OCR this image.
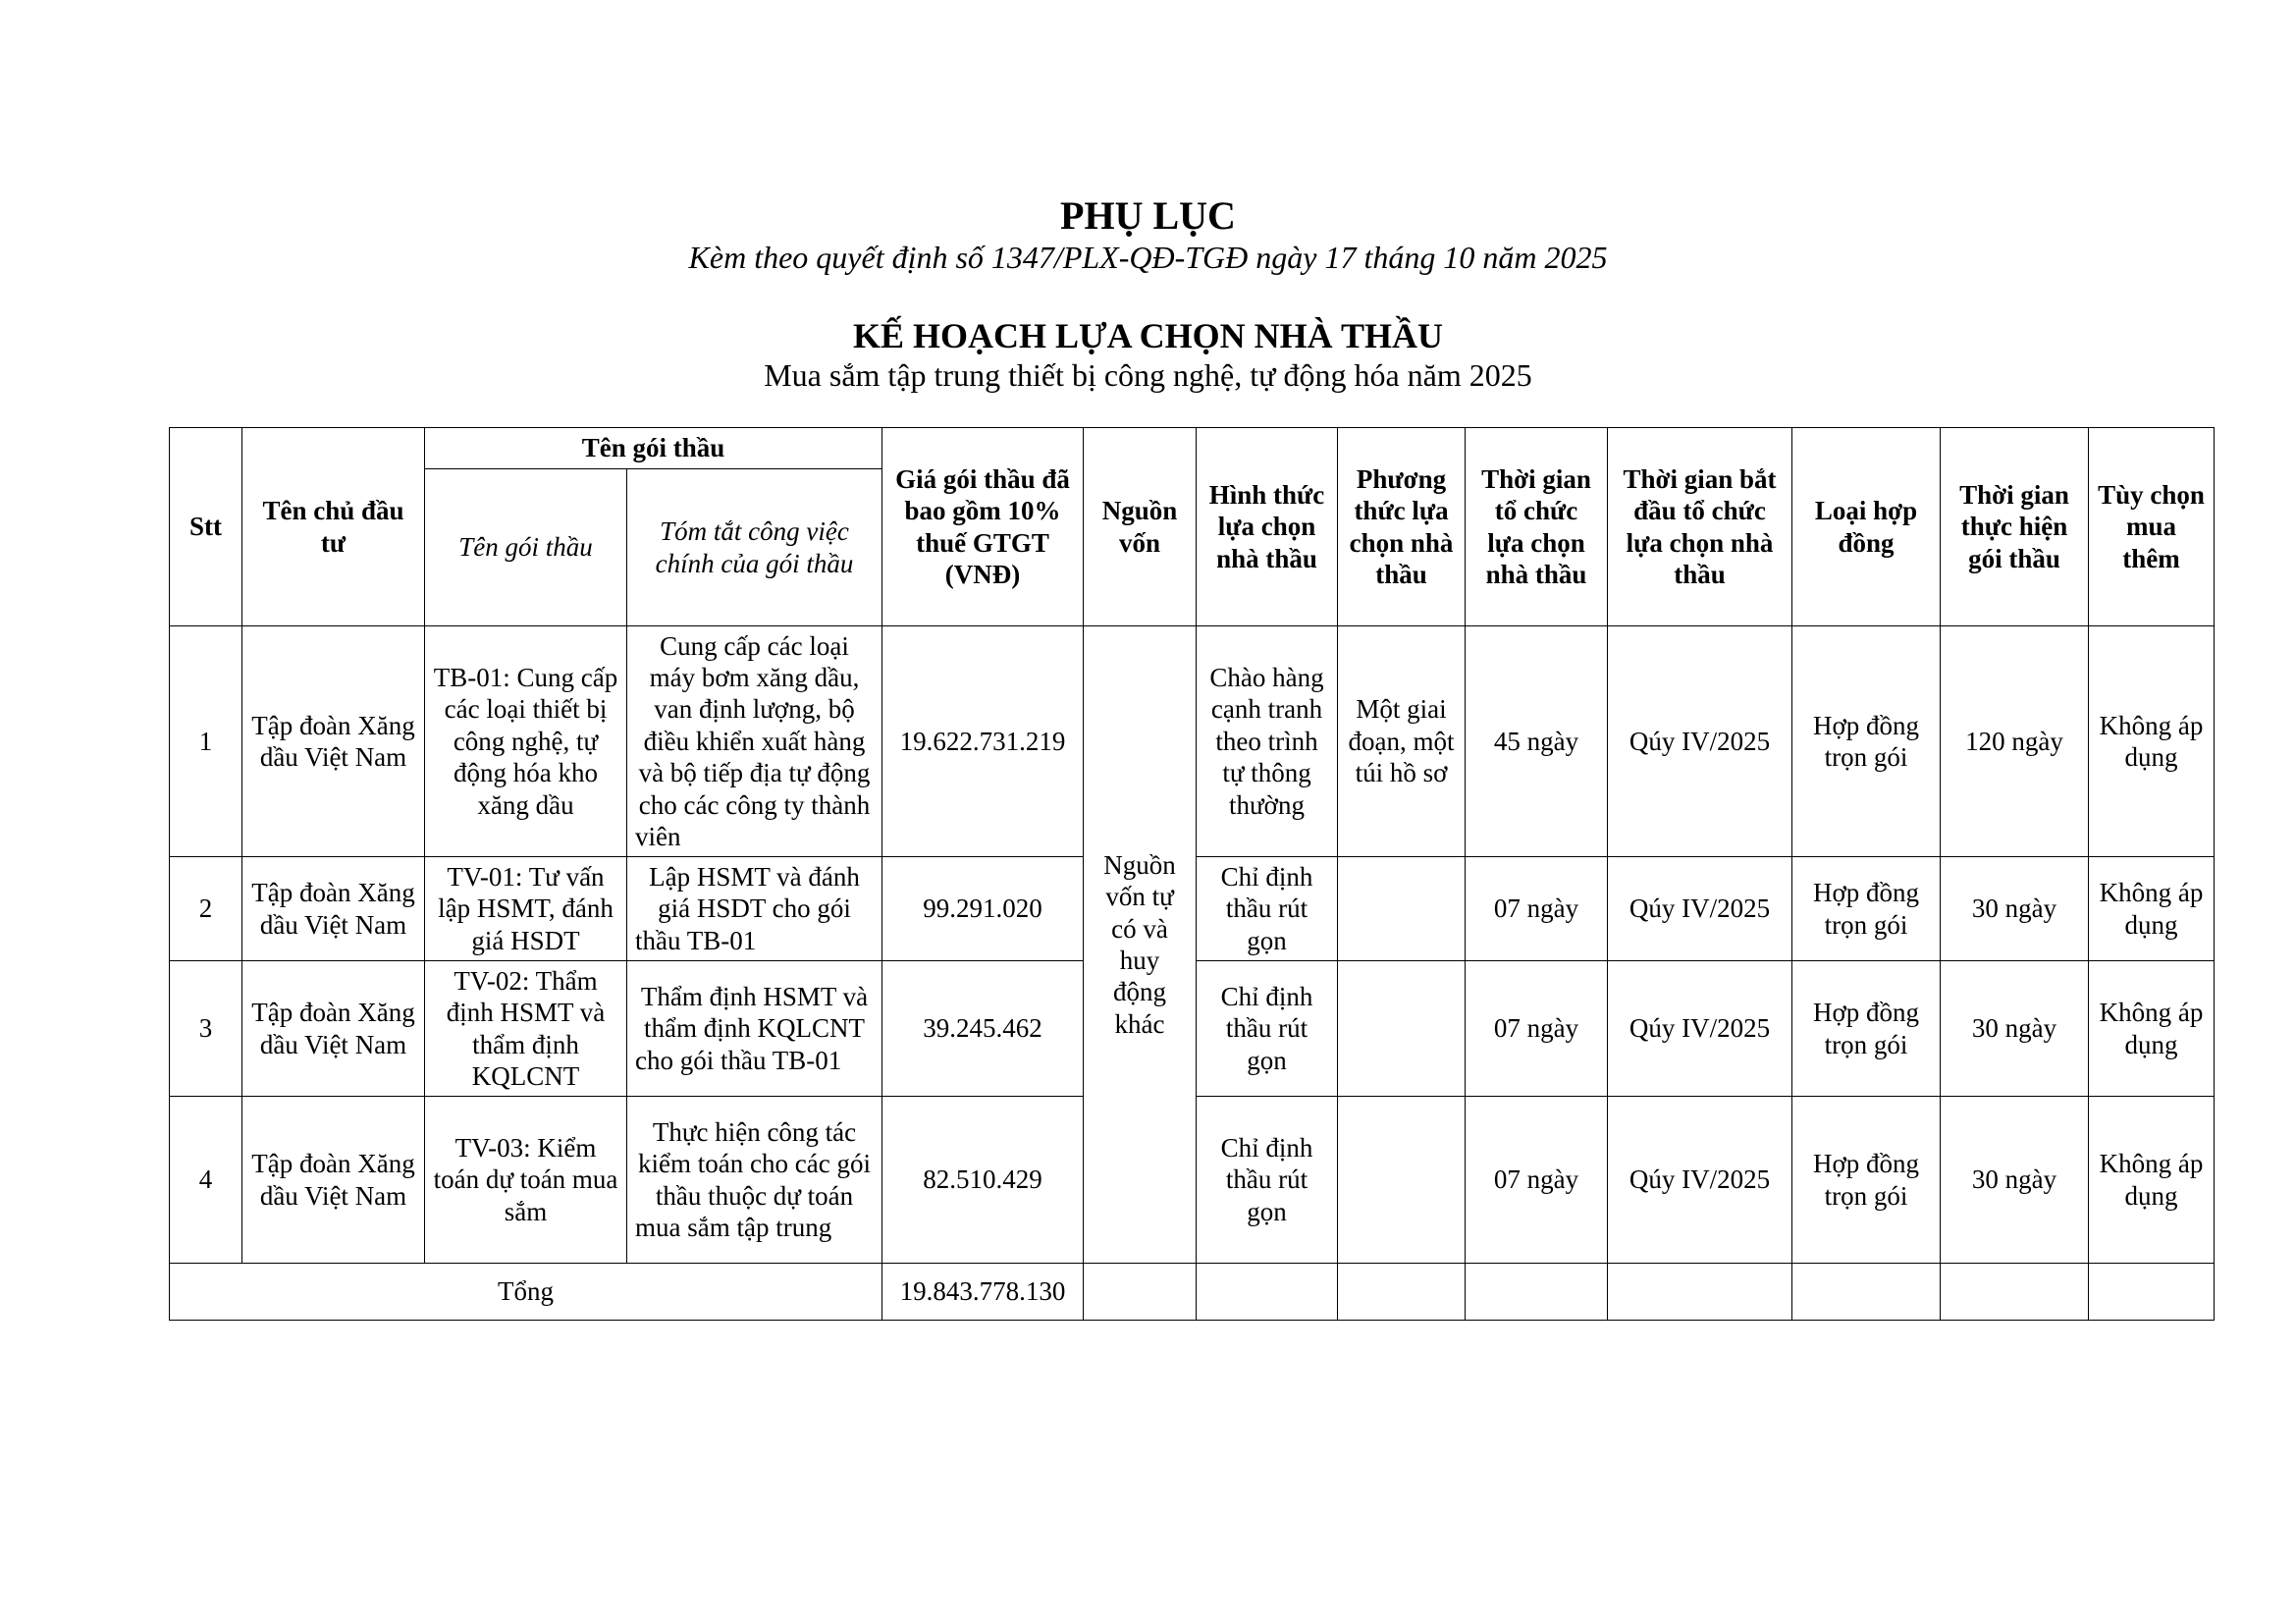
PHỤ LỤC
Kèm theo quyết định số 1347/PLX-QĐ-TGĐ ngày 17 tháng 10 năm 2025
KẾ HOẠCH LỰA CHỌN NHÀ THẦU
Mua sắm tập trung thiết bị công nghệ, tự động hóa năm 2025
Stt	Tên chủ đầu tư	Tên gói thầu		Giá gói thầu đã bao gồm 10% thuế GTGT (VNĐ)	Nguồn vốn	Hình thức lựa chọn nhà thầu	Phương thức lựa chọn nhà thầu	Thời gian tổ chức lựa chọn nhà thầu	Thời gian bắt đầu tổ chức lựa chọn nhà thầu	Loại hợp đồng	Thời gian thực hiện gói thầu	Tùy chọn mua thêm
		Tên gói thầu	Tóm tắt công việc chính của gói thầu									
1	Tập đoàn Xăng dầu Việt Nam	TB-01: Cung cấp các loại thiết bị công nghệ, tự động hóa kho xăng dầu	Cung cấp các loại máy bơm xăng dầu, van định lượng, bộ điều khiển xuất hàng và bộ tiếp địa tự động cho các công ty thành viên	19.622.731.219	Nguồn vốn tự có và huy động khác	Chào hàng cạnh tranh theo trình tự thông thường	Một giai đoạn, một túi hồ sơ	45 ngày	Qúy IV/2025	Hợp đồng trọn gói	120 ngày	Không áp dụng
2	Tập đoàn Xăng dầu Việt Nam	TV-01: Tư vấn lập HSMT, đánh giá HSDT	Lập HSMT và đánh giá HSDT cho gói thầu TB-01	99.291.020		Chỉ định thầu rút gọn		07 ngày	Qúy IV/2025	Hợp đồng trọn gói	30 ngày	Không áp dụng
3	Tập đoàn Xăng dầu Việt Nam	TV-02: Thẩm định HSMT và thẩm định KQLCNT	Thẩm định HSMT và thẩm định KQLCNT cho gói thầu TB-01	39.245.462		Chỉ định thầu rút gọn		07 ngày	Qúy IV/2025	Hợp đồng trọn gói	30 ngày	Không áp dụng
4	Tập đoàn Xăng dầu Việt Nam	TV-03: Kiểm toán dự toán mua sắm	Thực hiện công tác kiểm toán cho các gói thầu thuộc dự toán mua sắm tập trung	82.510.429		Chỉ định thầu rút gọn		07 ngày	Qúy IV/2025	Hợp đồng trọn gói	30 ngày	Không áp dụng
Tổng				19.843.778.130								
